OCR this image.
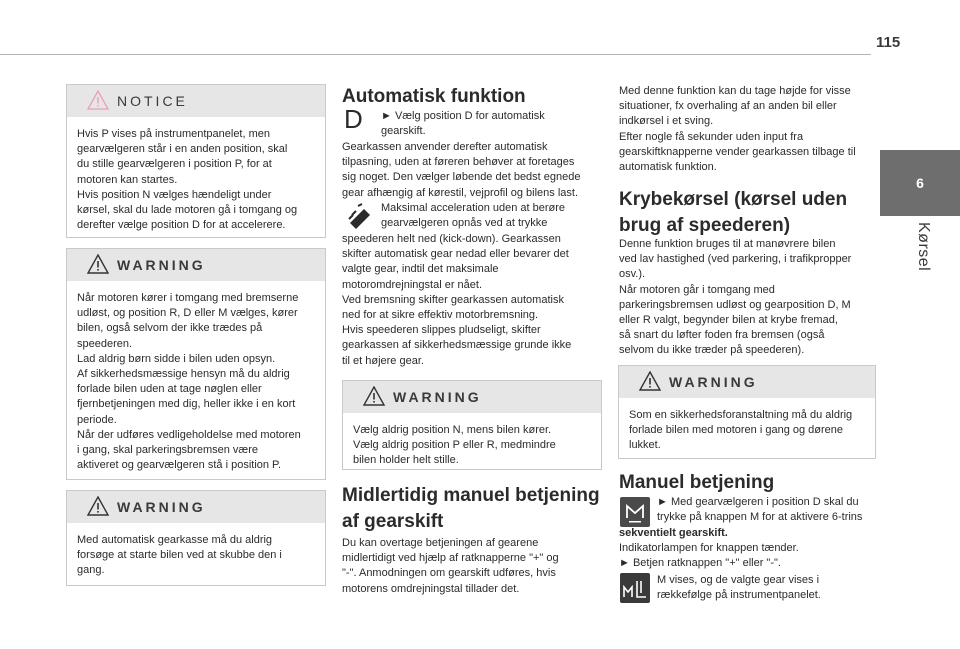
115
6
Kørsel
NOTICE

Hvis P vises på instrumentpanelet, men

gearvælgeren står i en anden position, skal

du stille gearvælgeren i position P, for at

motoren kan startes.

Hvis position N vælges hændeligt under

kørsel, skal du lade motoren gå i tomgang og

derefter vælge position D for at accelerere.

WARNING

Når motoren kører i tomgang med bremserne

udløst, og position R, D eller M vælges, kører

bilen, også selvom der ikke trædes på

speederen.

Lad aldrig børn sidde i bilen uden opsyn.

Af sikkerhedsmæssige hensyn må du aldrig

forlade bilen uden at tage nøglen eller

fjernbetjeningen med dig, heller ikke i en kort

periode.

Når der udføres vedligeholdelse med motoren

i gang, skal parkeringsbremsen være

aktiveret og gearvælgeren stå i position P.

WARNING

Med automatisk gearkasse må du aldrig

forsøge at starte bilen ved at skubbe den i

gang.

Automatisk funktion
D ► Vælg position D for automatisk

gearskift.

Gearkassen anvender derefter automatisk

tilpasning, uden at føreren behøver at foretages

sig noget. Den vælger løbende det bedst egnede

gear afhængig af kørestil, vejprofil og bilens last.

Maksimal acceleration uden at berøre

gearvælgeren opnås ved at trykke

speederen helt ned (kick-down). Gearkassen

skifter automatisk gear nedad eller bevarer det

valgte gear, indtil det maksimale

motoromdrejningstal er nået.

Ved bremsning skifter gearkassen automatisk

ned for at sikre effektiv motorbremsning.

Hvis speederen slippes pludseligt, skifter

gearkassen af sikkerhedsmæssige grunde ikke

til et højere gear.

WARNING

Vælg aldrig position N, mens bilen kører.

Vælg aldrig position P eller R, medmindre

bilen holder helt stille.

Midlertidig manuel betjening
af gearskift

Du kan overtage betjeningen af gearene

midlertidigt ved hjælp af ratknapperne "+" og

"-". Anmodningen om gearskift udføres, hvis

motorens omdrejningstal tillader det.

Med denne funktion kan du tage højde for visse

situationer, fx overhaling af an anden bil eller

indkørsel i et sving.

Efter nogle få sekunder uden input fra

gearskiftknapperne vender gearkassen tilbage til

automatisk funktion.

Krybekørsel (kørsel uden
brug af speederen)

Denne funktion bruges til at manøvrere bilen

ved lav hastighed (ved parkering, i trafikpropper

osv.).

Når motoren går i tomgang med

parkeringsbremsen udløst og gearposition D, M

eller R valgt, begynder bilen at krybe fremad,

så snart du løfter foden fra bremsen (også

selvom du ikke træder på speederen).

WARNING

Som en sikkerhedsforanstaltning må du aldrig

forlade bilen med motoren i gang og dørene

lukket.

Manuel betjening

► Med gearvælgeren i position D skal du

trykke på knappen M for at aktivere 6-trins

sekventielt gearskift.

Indikatorlampen for knappen tænder.

► Betjen ratknappen "+" eller "-".

M vises, og de valgte gear vises i

rækkefølge på instrumentpanelet.
